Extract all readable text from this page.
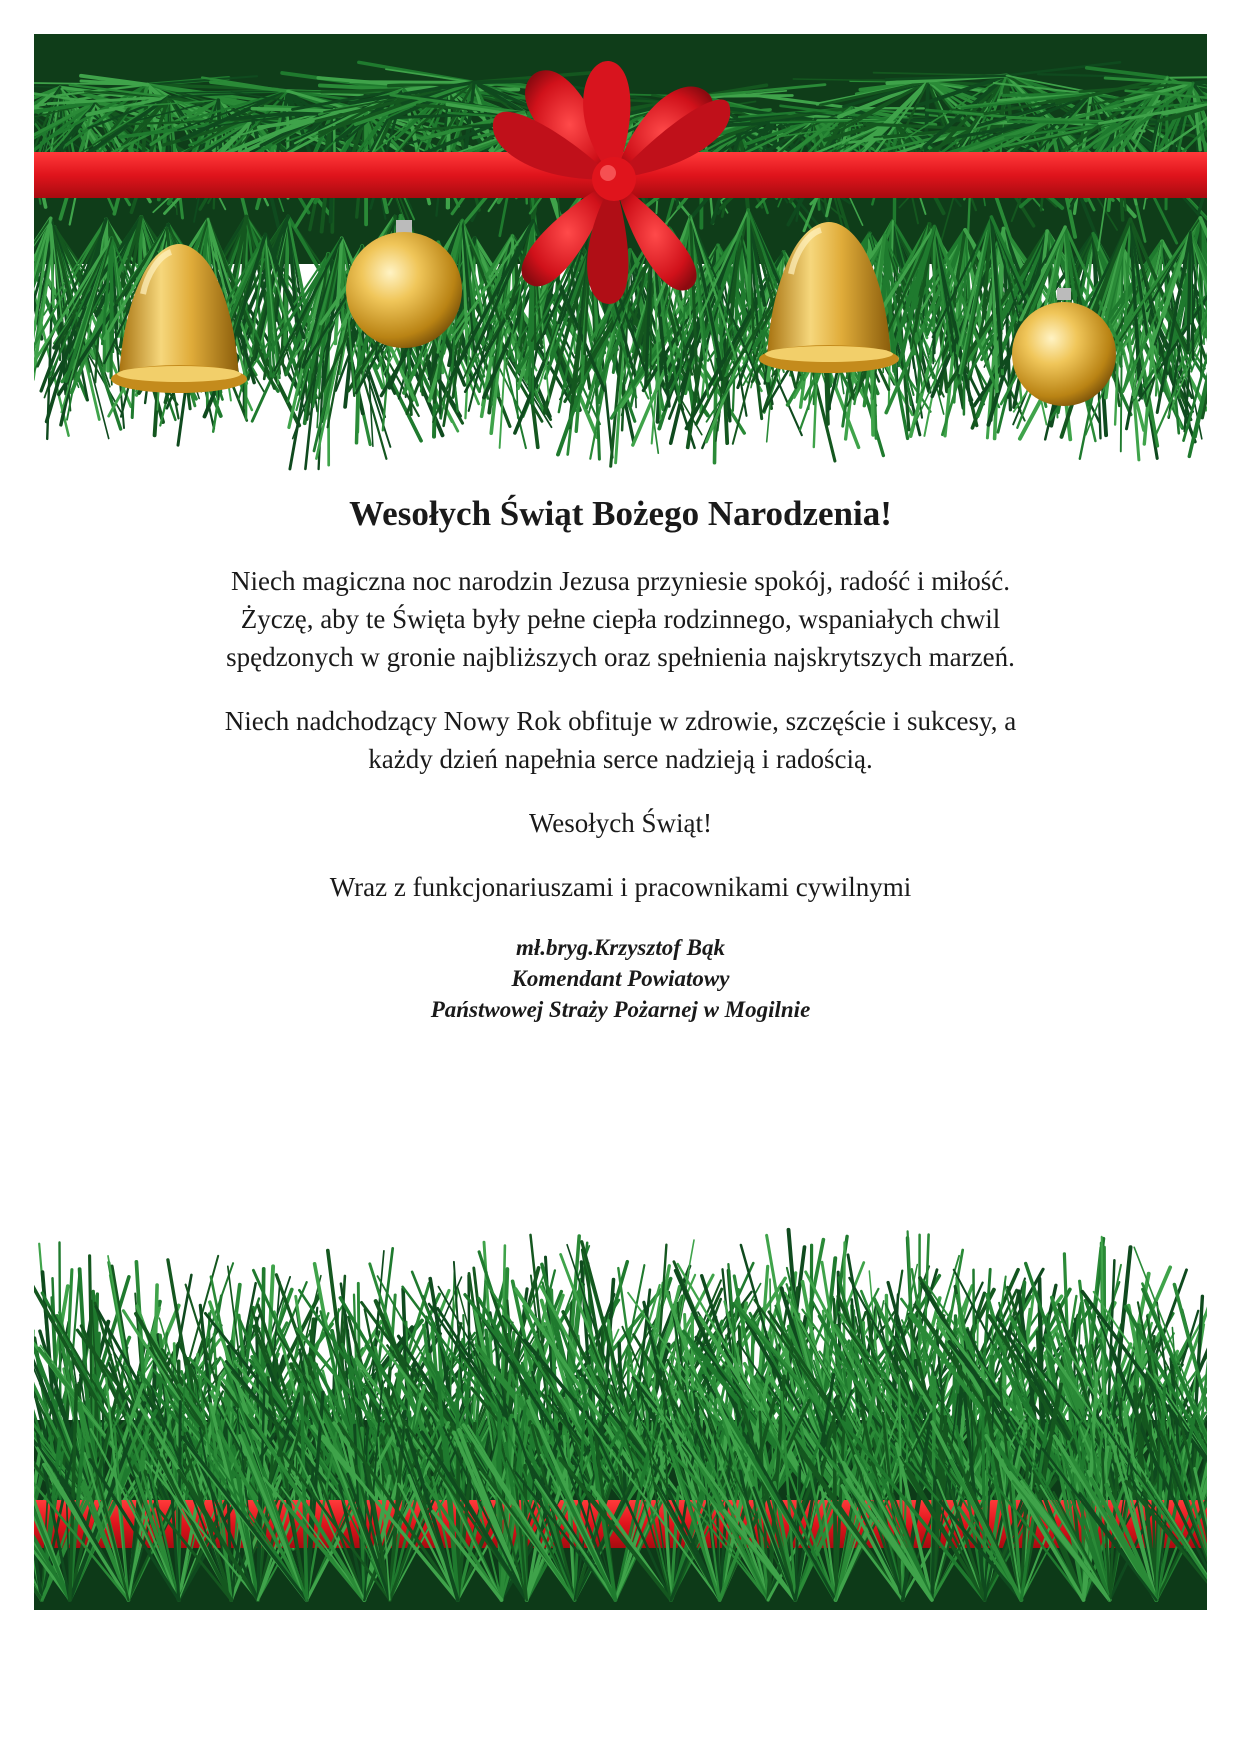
Wesołych Świąt Bożego Narodzenia!

Niech magiczna noc narodzin Jezusa przyniesie spokój, radość i miłość.
Życzę, aby te Święta były pełne ciepła rodzinnego, wspaniałych chwil
spędzonych w gronie najbliższych oraz spełnienia najskrytszych marzeń.

Niech nadchodzący Nowy Rok obfituje w zdrowie, szczęście i sukcesy, a
każdy dzień napełnia serce nadzieją i radością.

Wesołych Świąt!

Wraz z funkcjonariuszami i pracownikami cywilnymi

mł.bryg.Krzysztof Bąk
Komendant Powiatowy
Państwowej Straży Pożarnej w Mogilnie
